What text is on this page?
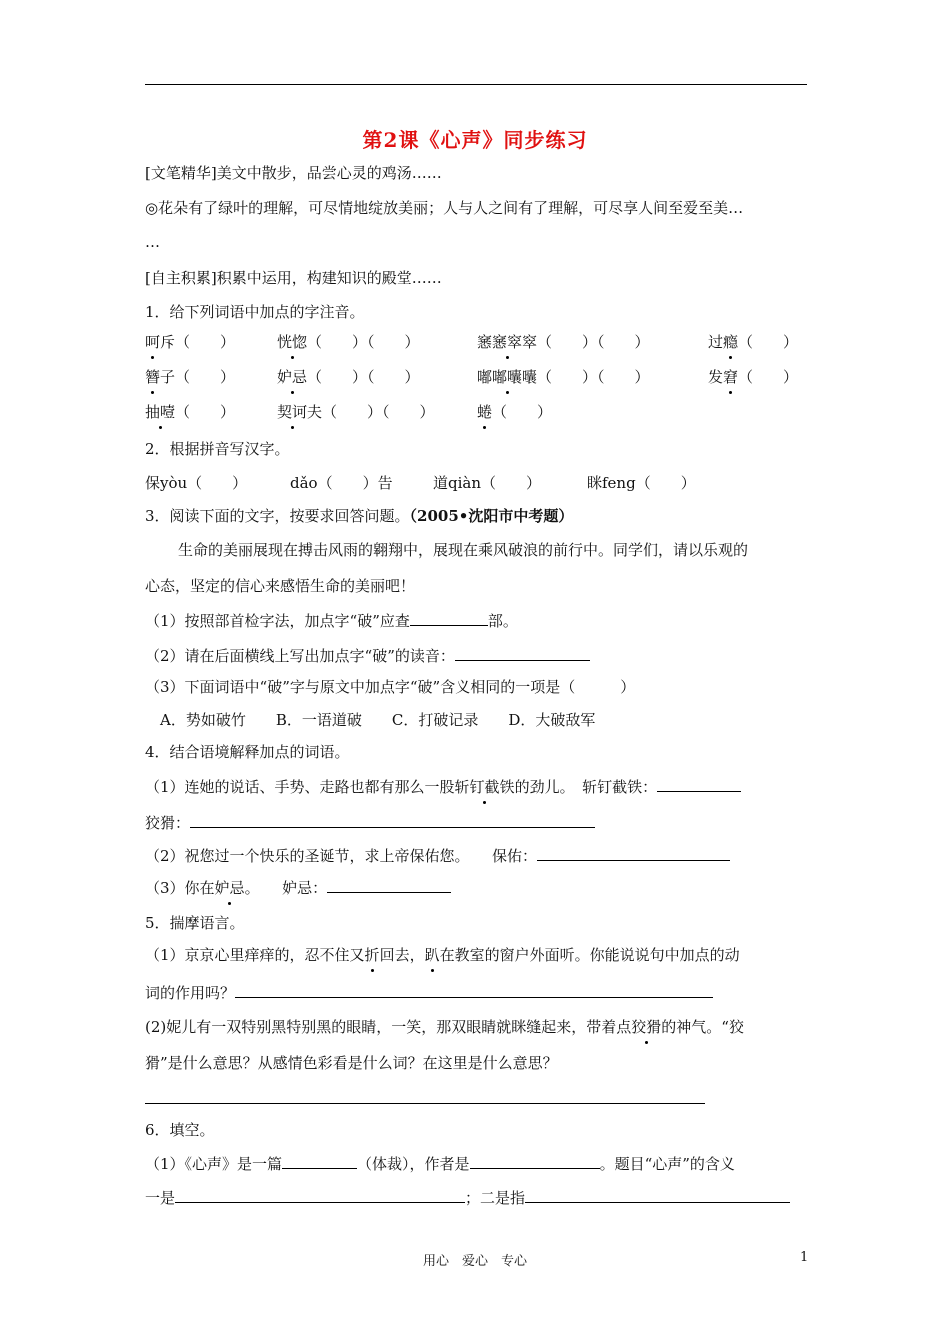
第2课《心声》同步练习
[文笔精华]美文中散步，品尝心灵的鸡汤……
◎花朵有了绿叶的理解，可尽情地绽放美丽；人与人之间有了理解，可尽享人间至爱至美…
…
[自主积累]积累中运用，构建知识的殿堂……
1．给下列词语中加点的字注音。
呵斥（　　）	恍惚（　　）（　　）	窸窸窣窣（　　）（　　）	过瘾（　　）
簪子（　　）	妒忌（　　）（　　）	嘟嘟囔囔（　　）（　　）	发窘（　　）
抽噎（　　）	契诃夫（　　）（　　）	蜷（　　）
2．根据拼音写汉字。
保yòu（　　）	dǎo（　　）告	道qiàn（　　）	眯feng（　　）
3．阅读下面的文字，按要求回答问题。（2005•沈阳市中考题）
生命的美丽展现在搏击风雨的翱翔中，展现在乘风破浪的前行中。同学们，请以乐观的
心态，坚定的信心来感悟生命的美丽吧！
（1）按照部首检字法，加点字“破”应查	部。
（2）请在后面横线上写出加点字“破”的读音：
（3）下面词语中“破”字与原文中加点字“破”含义相同的一项是（　　　）
A．势如破竹　　B．一语道破　　C．打破记录　　D．大破敌军
4．结合语境解释加点的词语。
（1）连她的说话、手势、走路也都有那么一股斩钉截铁的劲儿。　斩钉截铁：
狡猾：
（2）祝您过一个快乐的圣诞节，求上帝保佑您。　　保佑：
（3）你在妒忌。　　妒忌：
5．揣摩语言。
（1）京京心里痒痒的，忍不住又折回去，趴在教室的窗户外面听。你能说说句中加点的动
词的作用吗？
(2)妮儿有一双特别黑特别黑的眼睛，一笑，那双眼睛就眯缝起来，带着点狡猾的神气。“狡
猾”是什么意思？从感情色彩看是什么词？在这里是什么意思？
6．填空。
（1）《心声》是一篇	（体裁），作者是	。题目“心声”的含义
一是	；二是指
用心　爱心　专心	1
